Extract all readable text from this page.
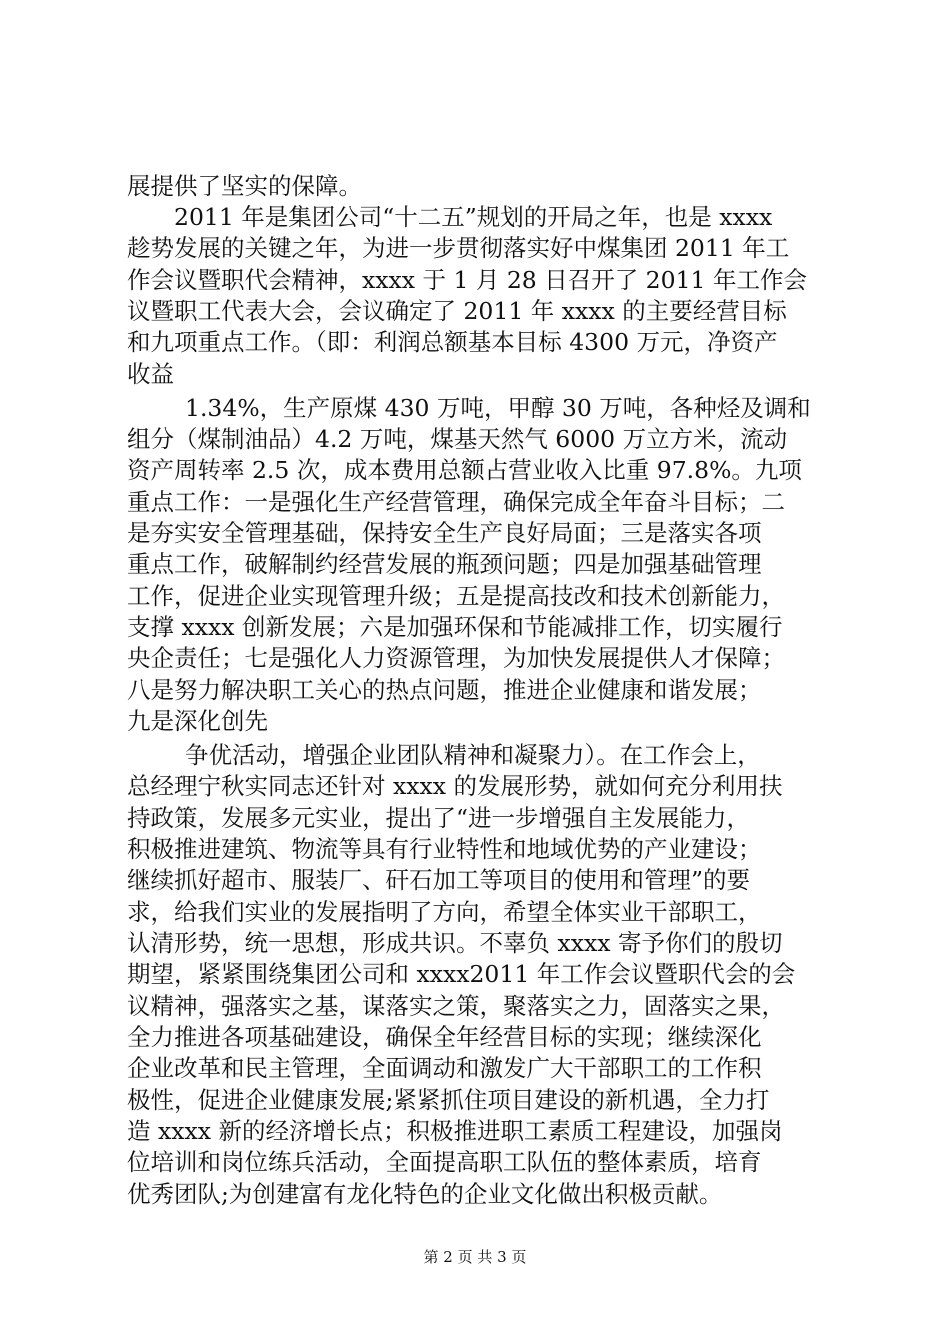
展提供了坚实的保障。
2011 年是集团公司“十二五”规划的开局之年，也是 xxxx
趁势发展的关键之年，为进一步贯彻落实好中煤集团 2011 年工
作会议暨职代会精神，xxxx 于 1 月 28 日召开了 2011 年工作会
议暨职工代表大会，会议确定了 2011 年 xxxx 的主要经营目标
和九项重点工作。（即：利润总额基本目标 4300 万元，净资产
收益
1.34%，生产原煤 430 万吨，甲醇 30 万吨，各种烃及调和
组分（煤制油品）4.2 万吨，煤基天然气 6000 万立方米，流动
资产周转率 2.5 次，成本费用总额占营业收入比重 97.8%。九项
重点工作：一是强化生产经营管理，确保完成全年奋斗目标；二
是夯实安全管理基础，保持安全生产良好局面；三是落实各项
重点工作，破解制约经营发展的瓶颈问题；四是加强基础管理
工作，促进企业实现管理升级；五是提高技改和技术创新能力，
支撑 xxxx 创新发展；六是加强环保和节能减排工作，切实履行
央企责任；七是强化人力资源管理，为加快发展提供人才保障；
八是努力解决职工关心的热点问题，推进企业健康和谐发展；
九是深化创先
争优活动，增强企业团队精神和凝聚力）。在工作会上，
总经理宁秋实同志还针对 xxxx 的发展形势，就如何充分利用扶
持政策，发展多元实业，提出了“进一步增强自主发展能力，
积极推进建筑、物流等具有行业特性和地域优势的产业建设；
继续抓好超市、服装厂、矸石加工等项目的使用和管理”的要
求，给我们实业的发展指明了方向，希望全体实业干部职工，
认清形势，统一思想，形成共识。不辜负 xxxx 寄予你们的殷切
期望，紧紧围绕集团公司和 xxxx2011 年工作会议暨职代会的会
议精神，强落实之基，谋落实之策，聚落实之力，固落实之果，
全力推进各项基础建设，确保全年经营目标的实现；继续深化
企业改革和民主管理，全面调动和激发广大干部职工的工作积
极性，促进企业健康发展;紧紧抓住项目建设的新机遇，全力打
造 xxxx 新的经济增长点；积极推进职工素质工程建设，加强岗
位培训和岗位练兵活动，全面提高职工队伍的整体素质，培育
优秀团队;为创建富有龙化特色的企业文化做出积极贡献。
第 2 页 共 3 页
